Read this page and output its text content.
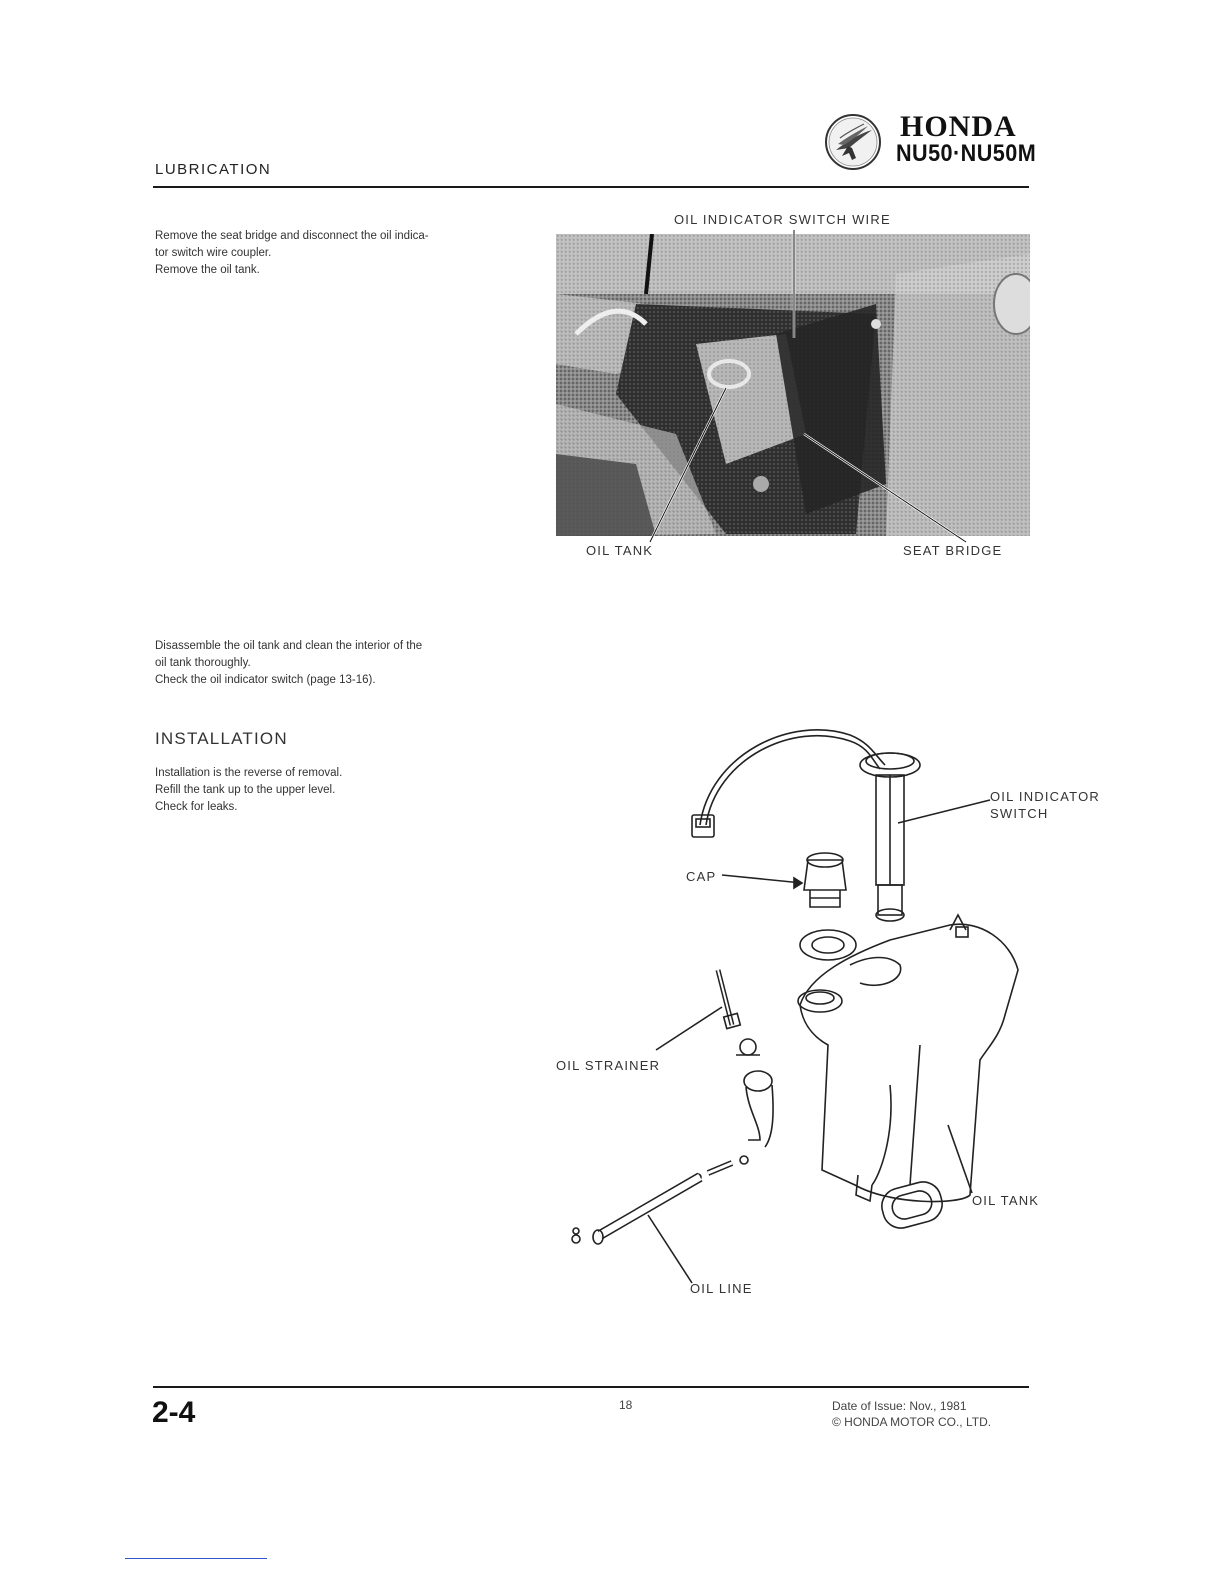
LUBRICATION
HONDA
NU50·NU50M
Remove the seat bridge and disconnect the oil indica-
tor switch wire coupler.
Remove the oil tank.
OIL INDICATOR SWITCH WIRE
OIL TANK	SEAT BRIDGE
Disassemble the oil tank and clean the interior of the
oil tank thoroughly.
Check the oil indicator switch (page 13-16).
INSTALLATION
Installation is the reverse of removal.
Refill the tank up to the upper level.
Check for leaks.
OIL INDICATOR
SWITCH
CAP
OIL STRAINER
OIL TANK
OIL LINE
2-4	18	Date of Issue: Nov., 1981
© HONDA MOTOR CO., LTD.
